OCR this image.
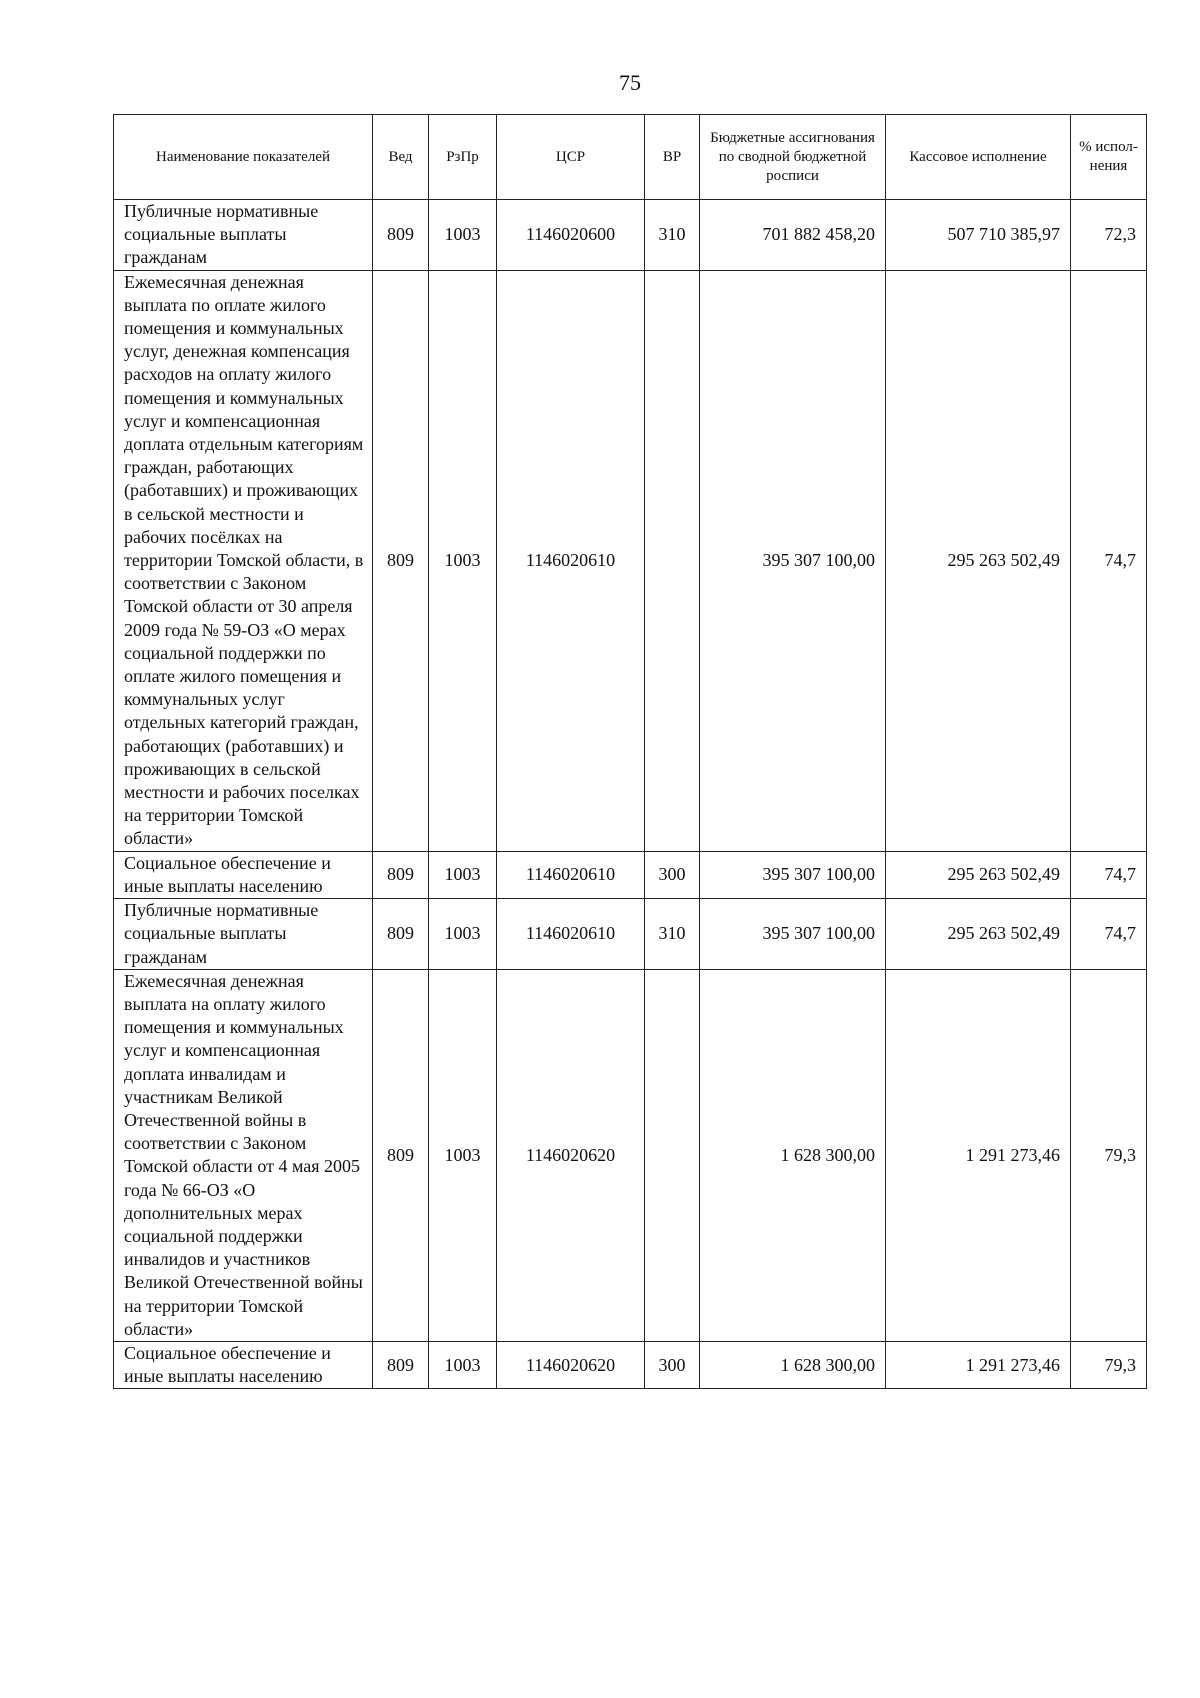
75
Наименование показателей	Вед	РзПр	ЦСР	ВР	Бюджетные ассигнования по сводной бюджетной росписи	Кассовое исполнение	% испол-нения
Публичные нормативные социальные выплаты гражданам	809	1003	1146020600	310	701 882 458,20	507 710 385,97	72,3
Ежемесячная денежная выплата по оплате жилого помещения и коммунальных услуг, денежная компенсация расходов на оплату жилого помещения и коммунальных услуг и компенсационная доплата отдельным категориям граждан, работающих (работавших) и проживающих в сельской местности и рабочих посёлках на территории Томской области, в соответствии с Законом Томской области от 30 апреля 2009 года № 59-ОЗ «О мерах социальной поддержки по оплате жилого помещения и коммунальных услуг отдельных категорий граждан, работающих (работавших) и проживающих в сельской местности и рабочих поселках на территории Томской области»	809	1003	1146020610		395 307 100,00	295 263 502,49	74,7
Социальное обеспечение и иные выплаты населению	809	1003	1146020610	300	395 307 100,00	295 263 502,49	74,7
Публичные нормативные социальные выплаты гражданам	809	1003	1146020610	310	395 307 100,00	295 263 502,49	74,7
Ежемесячная денежная выплата на оплату жилого помещения и коммунальных услуг и компенсационная доплата инвалидам и участникам Великой Отечественной войны в соответствии с Законом Томской области от 4 мая 2005 года № 66-ОЗ «О дополнительных мерах социальной поддержки инвалидов и участников Великой Отечественной войны на территории Томской области»	809	1003	1146020620		1 628 300,00	1 291 273,46	79,3
Социальное обеспечение и иные выплаты населению	809	1003	1146020620	300	1 628 300,00	1 291 273,46	79,3
